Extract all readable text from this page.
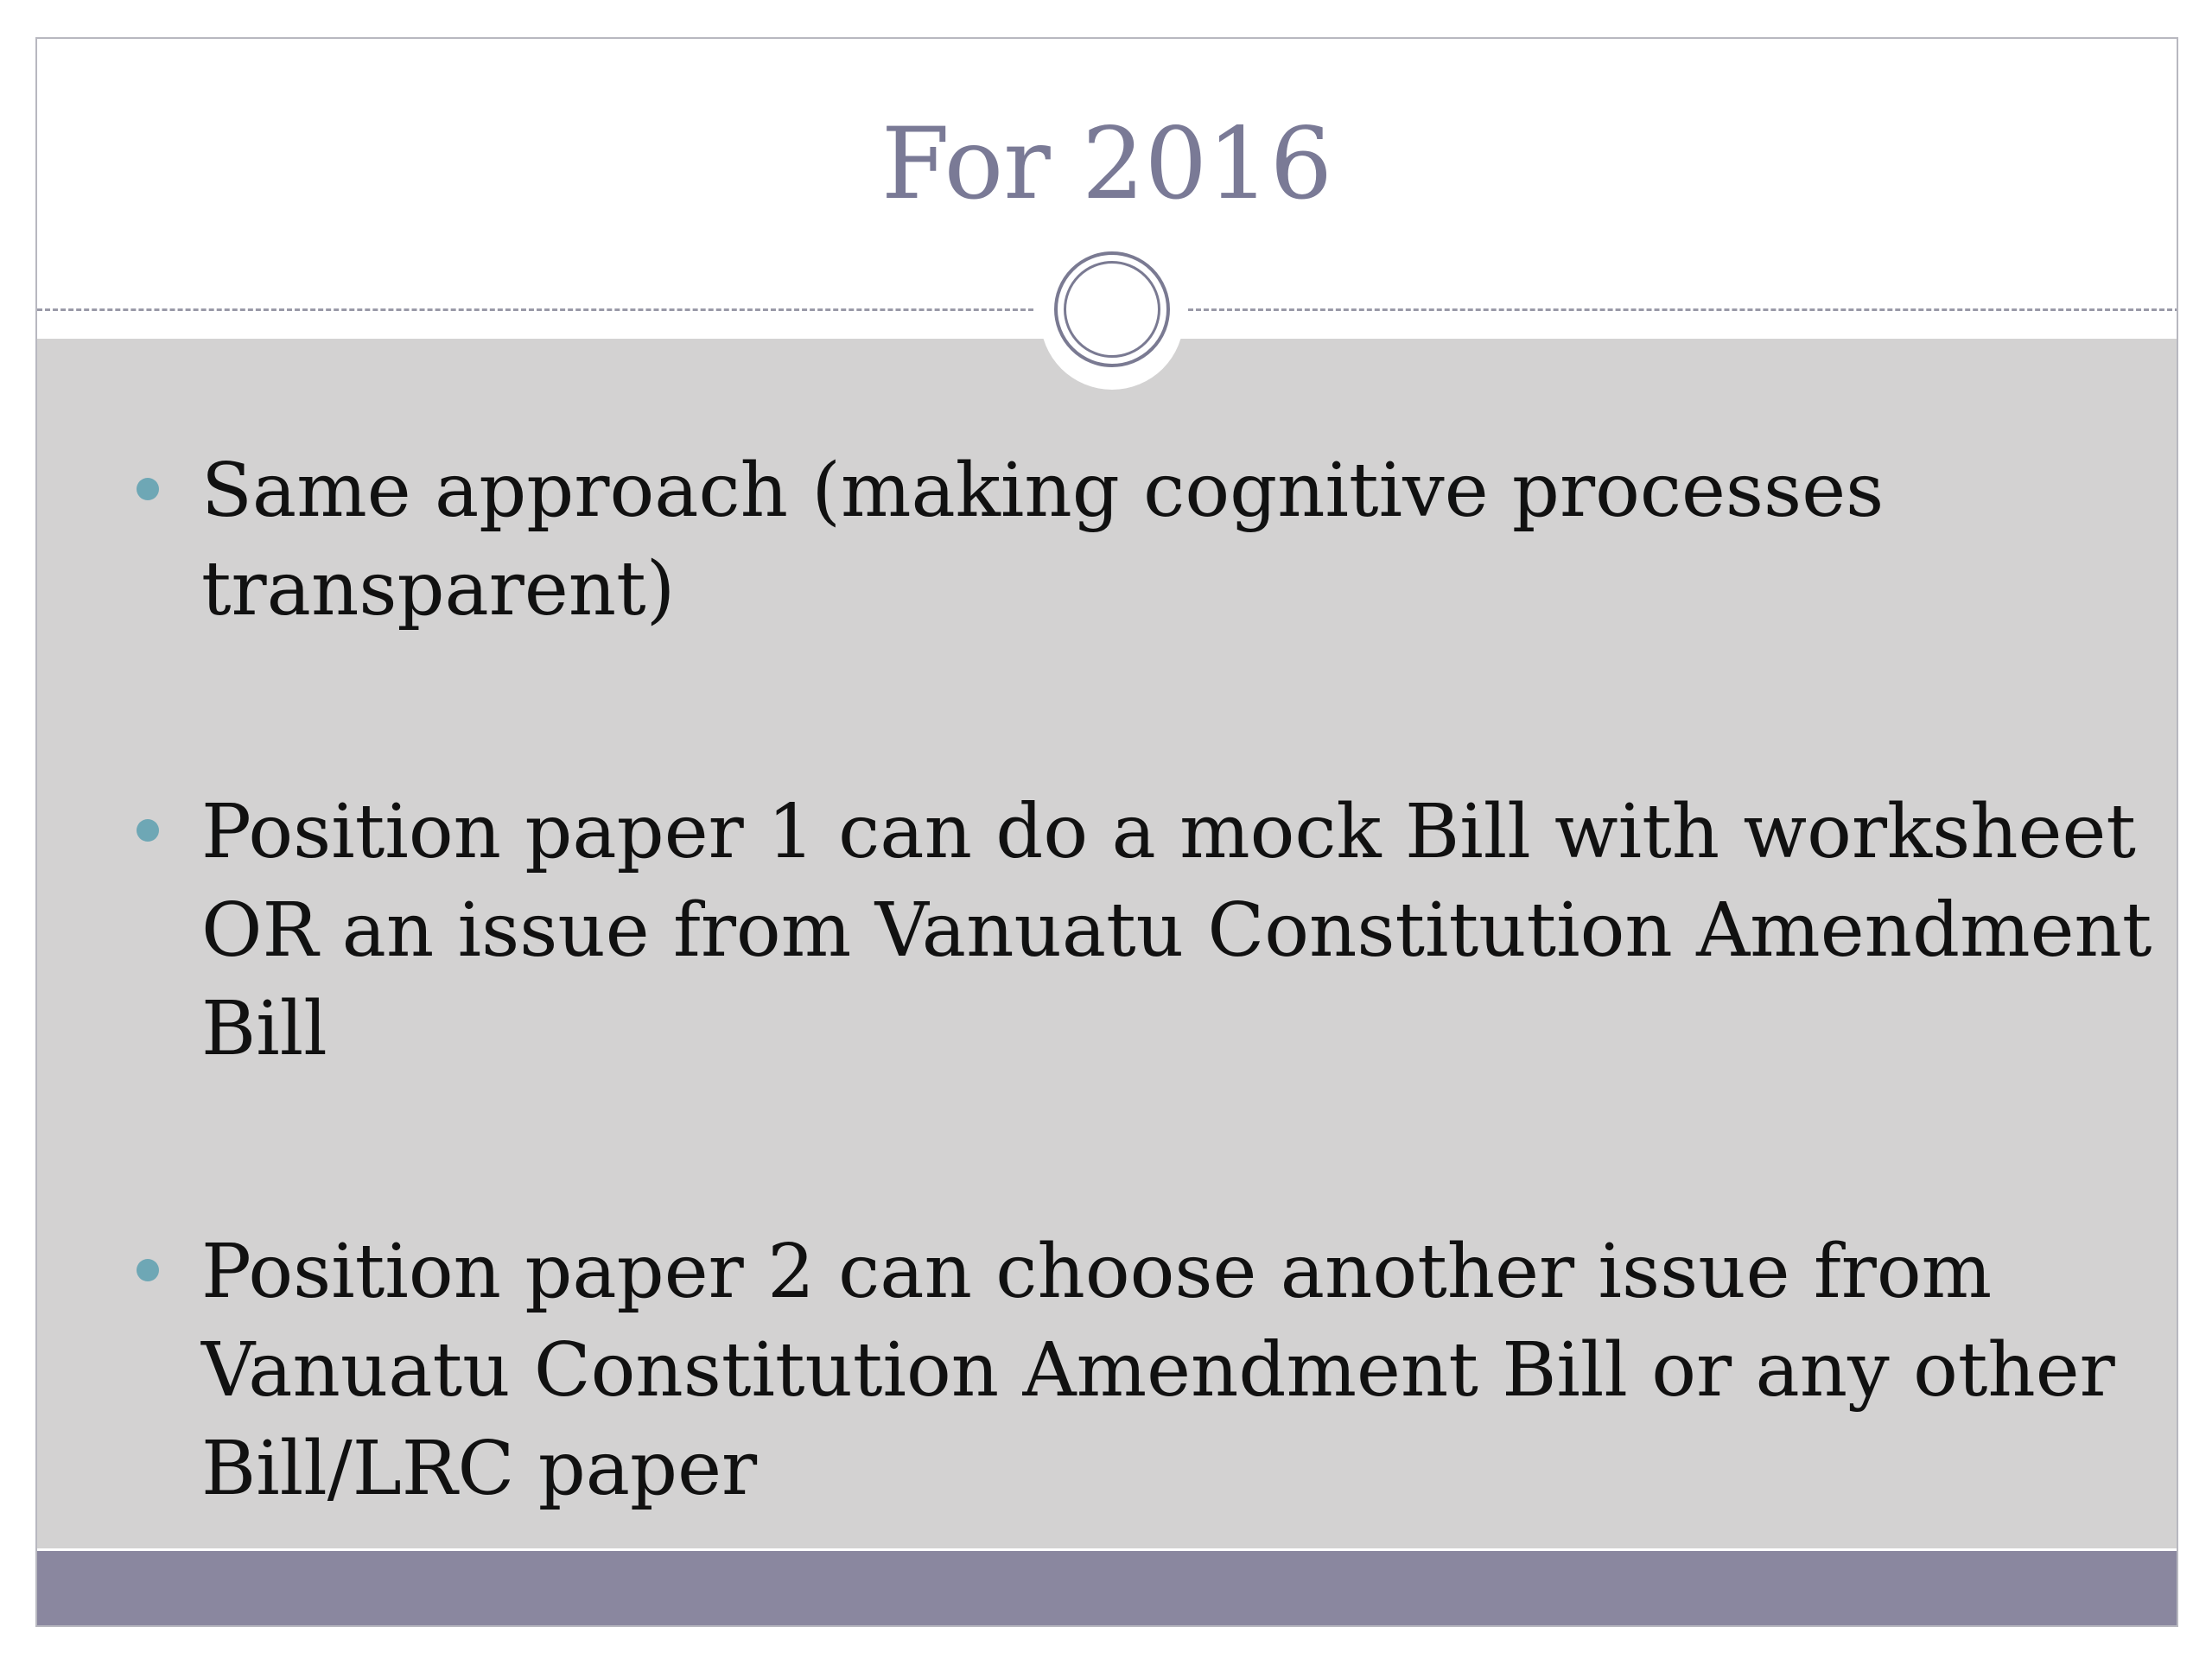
For 2016
Same approach (making cognitive processes transparent)
Position paper 1 can do a mock Bill with worksheet OR an issue from Vanuatu Constitution Amendment Bill
Position paper 2 can choose another issue from Vanuatu Constitution Amendment Bill or any other Bill/LRC paper
